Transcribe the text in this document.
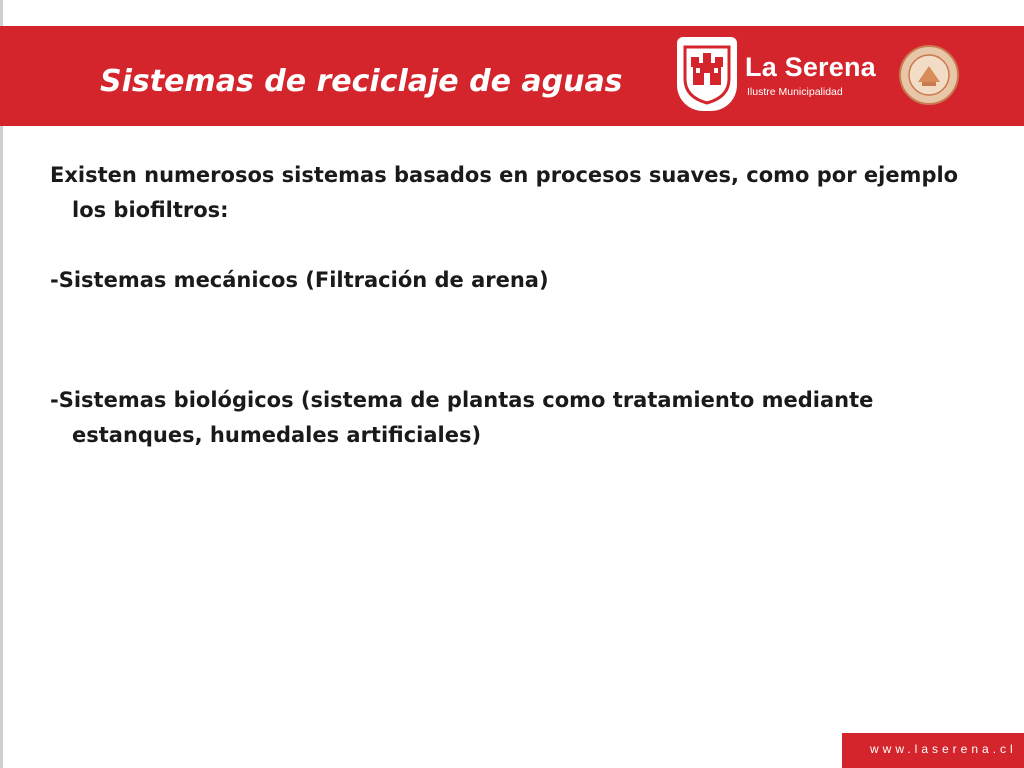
Sistemas de reciclaje de aguas	La Serena
Ilustre Municipalidad

Existen numerosos sistemas basados en procesos suaves, como por ejemplo los biofiltros:

-Sistemas mecánicos (Filtración de arena)

-Sistemas biológicos (sistema de plantas como tratamiento mediante estanques, humedales artificiales)

www.laserena.cl
